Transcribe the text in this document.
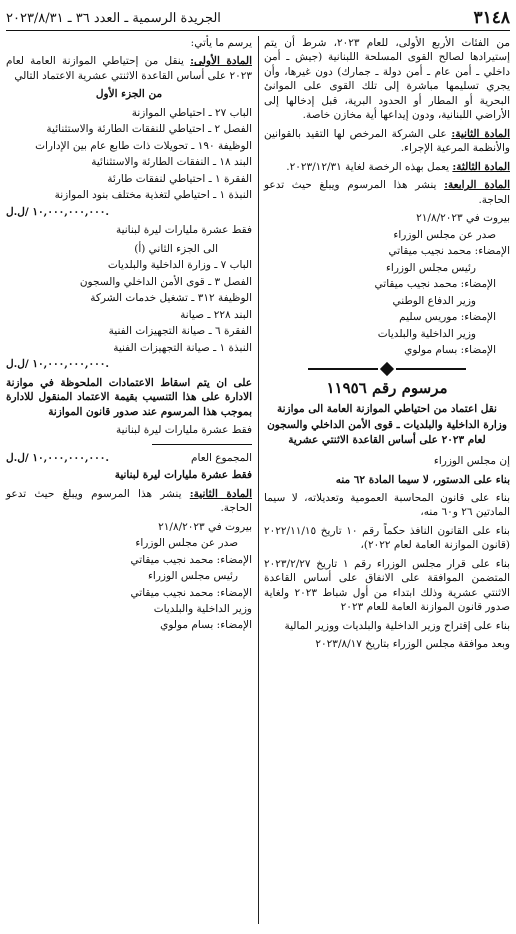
٣١٤٨
الجريدة الرسمية ـ العدد ٣٦ ـ ٢٠٢٣/٨/٣١

من الفئات الأربع الأولى، للعام ٢٠٢٣، شرط أن يتم إستيرادها لصالح القوى المسلحة اللبنانية (جيش ـ أمن داخلي ـ أمن عام ـ أمن دولة ـ جمارك) دون غيرها، وأن يجري تسليمها مباشرة إلى تلك القوى على الموانئ البحرية أو المطار أو الحدود البرية، قبل إدخالها إلى الأراضي اللبنانية، ودون إيداعها أية مخازن خاصة.

المادة الثانية: على الشركة المرخص لها التقيد بالقوانين والأنظمة المرعية الإجراء.

المادة الثالثة: يعمل بهذه الرخصة لغاية ٢٠٢٣/١٢/٣١.

المادة الرابعة: ينشر هذا المرسوم ويبلغ حيث تدعو الحاجة.

بيروت في ٢١/٨/٢٠٢٣

صدر عن مجلس الوزراء

الإمضاء: محمد نجيب ميقاتي

رئيس مجلس الوزراء

الإمضاء: محمد نجيب ميقاتي

وزير الدفاع الوطني

الإمضاء: موريس سليم

وزير الداخلية والبلديات

الإمضاء: بسام مولوي

مرسوم رقم ١١٩٥٦
نقل اعتماد من احتياطي الموازنة العامة الى موازنة وزارة الداخلية والبلديات ـ قوى الأمن الداخلي والسجون لعام ٢٠٢٣ على أساس القاعدة الاثنتي عشرية

إن مجلس الوزراء

بناء على الدستور، لا سيما المادة ٦٢ منه

بناء على قانون المحاسبة العمومية وتعديلاته، لا سيما المادتين ٢٦ و٦٠ منه،

بناء على القانون النافذ حكماً رقم ١٠ تاريخ ٢٠٢٢/١١/١٥ (قانون الموازنة العامة لعام ٢٠٢٢)،

بناء على قرار مجلس الوزراء رقم ١ تاريخ ٢٠٢٣/٢/٢٧ المتضمن الموافقة على الانفاق على أساس القاعدة الاثنتي عشرية وذلك ابتداء من أول شباط ٢٠٢٣ ولغاية صدور قانون الموازنة العامة للعام ٢٠٢٣

بناء على إقتراح وزير الداخلية والبلديات ووزير المالية

وبعد موافقة مجلس الوزراء بتاريخ ٢٠٢٣/٨/١٧

يرسم ما يأتي:

المادة الأولى: ينقل من إحتياطي الموازنة العامة لعام ٢٠٢٣ على أساس القاعدة الاثنتي عشرية الاعتماد التالي

من الجزء الأول

الباب ٢٧ ـ احتياطي الموازنة

الفصل ٢ ـ احتياطي للنفقات الطارئة والاستثنائية

الوظيفة ١٩٠ ـ تحويلات ذات طابع عام بين الإدارات

البند ١٨ ـ النفقات الطارئة والاستثنائية

الفقرة ١ ـ احتياطي لنفقات طارئة

النبذة ١ ـ احتياطي لتغذية مختلف بنود الموازنة

١٠,٠٠٠,٠٠٠,٠٠٠ /ل.ل.

فقط عشرة مليارات ليرة لبنانية

الى الجزء الثاني (أ)

الباب ٧ ـ وزارة الداخلية والبلديات

الفصل ٣ ـ قوى الأمن الداخلي والسجون

الوظيفة ٣١٢ ـ تشغيل خدمات الشركة

البند ٢٢٨ ـ صيانة

الفقرة ٦ ـ صيانة التجهيزات الفنية

النبذة ١ ـ صيانة التجهيزات الفنية

١٠,٠٠٠,٠٠٠,٠٠٠ /ل.ل.

على ان يتم اسقاط الاعتمادات الملحوظة في موازنة الادارة على هذا التنسيب بقيمة الاعتماد المنقول للادارة بموجب هذا المرسوم عند صدور قانون الموازنة

فقط عشرة مليارات ليرة لبنانية

المجموع العام
١٠,٠٠٠,٠٠٠,٠٠٠ /ل.ل.

فقط عشرة مليارات ليرة لبنانية

المادة الثانية: ينشر هذا المرسوم ويبلغ حيث تدعو الحاجة.

بيروت في ٢١/٨/٢٠٢٣

صدر عن مجلس الوزراء

الإمضاء: محمد نجيب ميقاتي

رئيس مجلس الوزراء

الإمضاء: محمد نجيب ميقاتي

وزير الداخلية والبلديات

الإمضاء: بسام مولوي
